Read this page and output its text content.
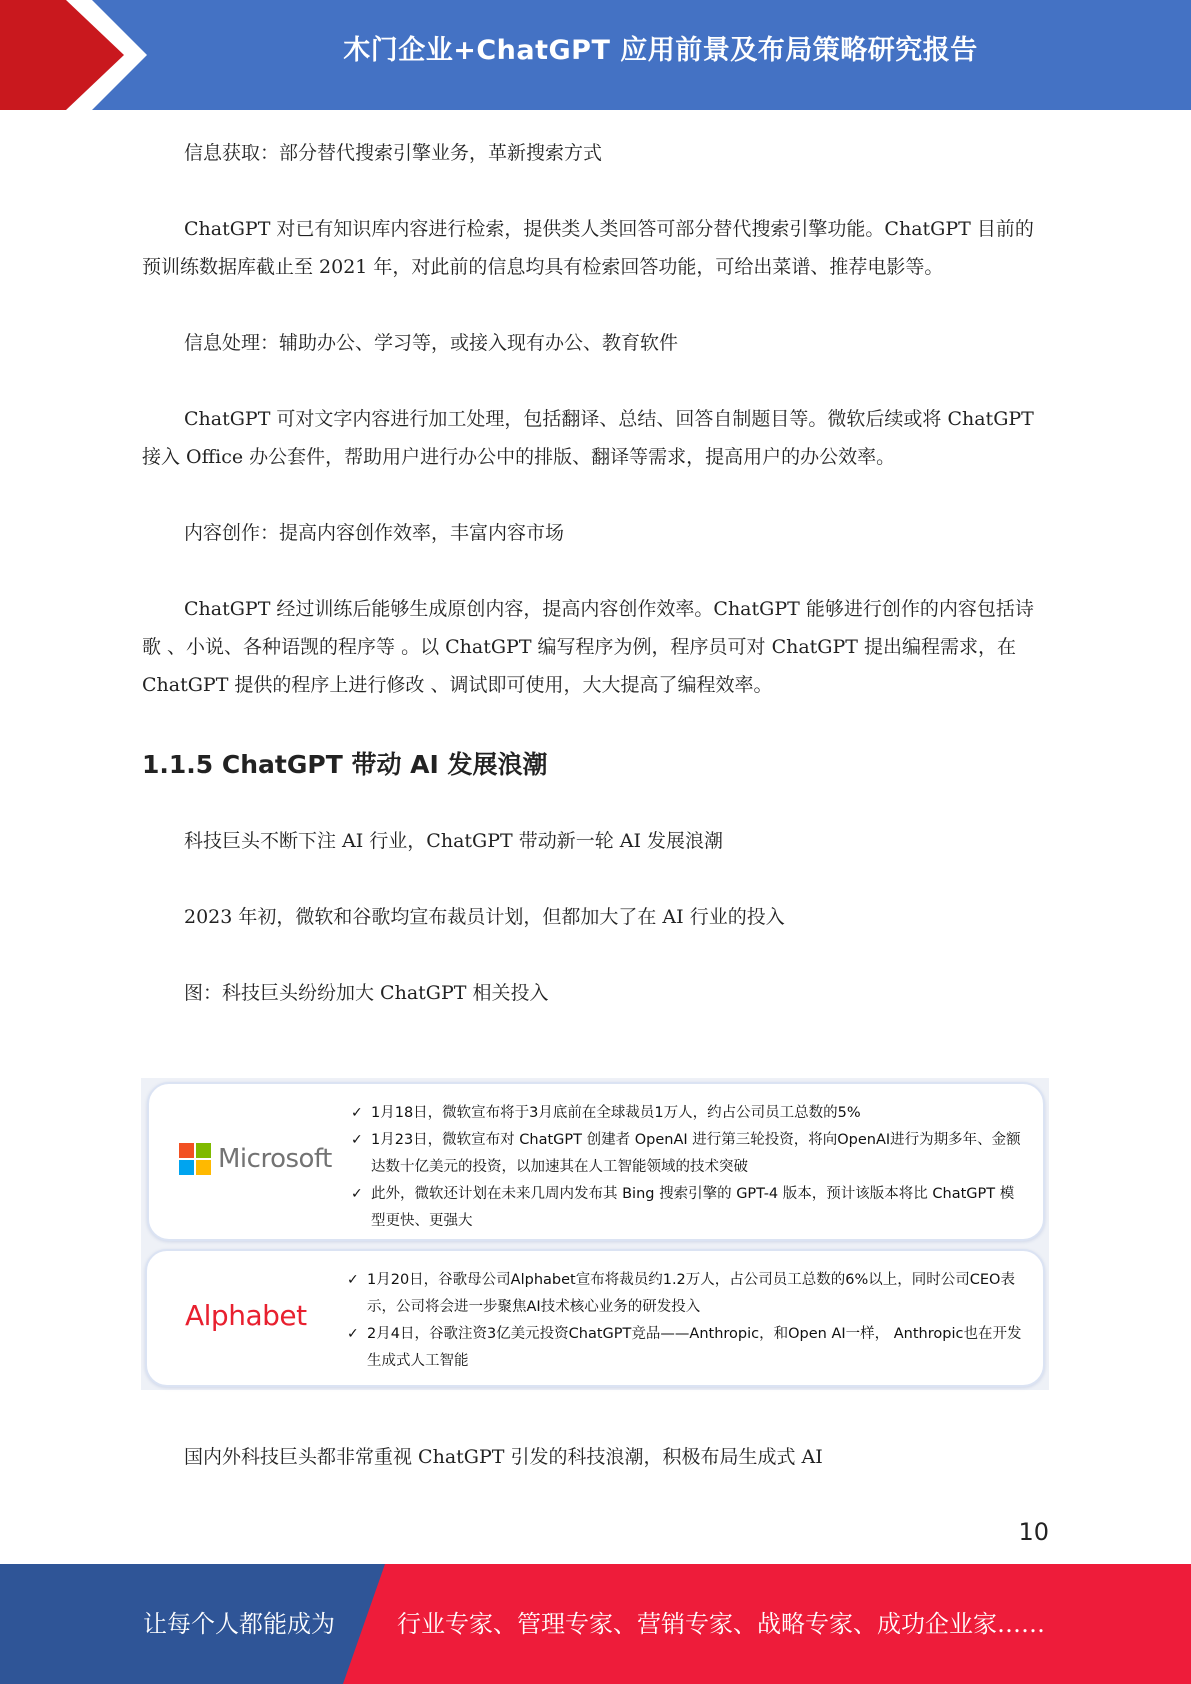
木门企业+ChatGPT 应用前景及布局策略研究报告

信息获取：部分替代搜索引擎业务，革新搜索方式

ChatGPT 对已有知识库内容进行检索，提供类人类回答可部分替代搜索引擎功能。ChatGPT 目前的预训练数据库截止至 2021 年，对此前的信息均具有检索回答功能，可给出菜谱、推荐电影等。

信息处理：辅助办公、学习等，或接入现有办公、教育软件

ChatGPT 可对文字内容进行加工处理，包括翻译、总结、回答自制题目等。微软后续或将 ChatGPT 接入 Office 办公套件，帮助用户进行办公中的排版、翻译等需求，提高用户的办公效率。

内容创作：提高内容创作效率，丰富内容市场

ChatGPT 经过训练后能够生成原创内容，提高内容创作效率。ChatGPT 能够进行创作的内容包括诗歌 、小说、各种语觊的程序等 。以 ChatGPT 编写程序为例，程序员可对 ChatGPT 提出编程需求，在 ChatGPT 提供的程序上进行修改 、调试即可使用，大大提高了编程效率。

1.1.5 ChatGPT 带动 AI 发展浪潮

科技巨头不断下注 AI 行业，ChatGPT 带动新一轮 AI 发展浪潮

2023 年初，微软和谷歌均宣布裁员计划，但都加大了在 AI 行业的投入

图：科技巨头纷纷加大 ChatGPT 相关投入

Microsoft
✓ 1月18日，微软宣布将于3月底前在全球裁员1万人，约占公司员工总数的5%
✓ 1月23日，微软宣布对 ChatGPT 创建者 OpenAI 进行第三轮投资，将向OpenAI进行为期多年、金额达数十亿美元的投资，以加速其在人工智能领域的技术突破
✓ 此外，微软还计划在未来几周内发布其 Bing 搜索引擎的 GPT-4 版本，预计该版本将比 ChatGPT 模型更快、更强大
Alphabet
✓ 1月20日，谷歌母公司Alphabet宣布将裁员约1.2万人，占公司员工总数的6%以上，同时公司CEO表示，公司将会进一步聚焦AI技术核心业务的研发投入
✓ 2月4日，谷歌注资3亿美元投资ChatGPT竞品——Anthropic，和Open AI一样， Anthropic也在开发生成式人工智能

国内外科技巨头都非常重视 ChatGPT 引发的科技浪潮，积极布局生成式 AI

10
让每个人都能成为	行业专家、管理专家、营销专家、战略专家、成功企业家……
